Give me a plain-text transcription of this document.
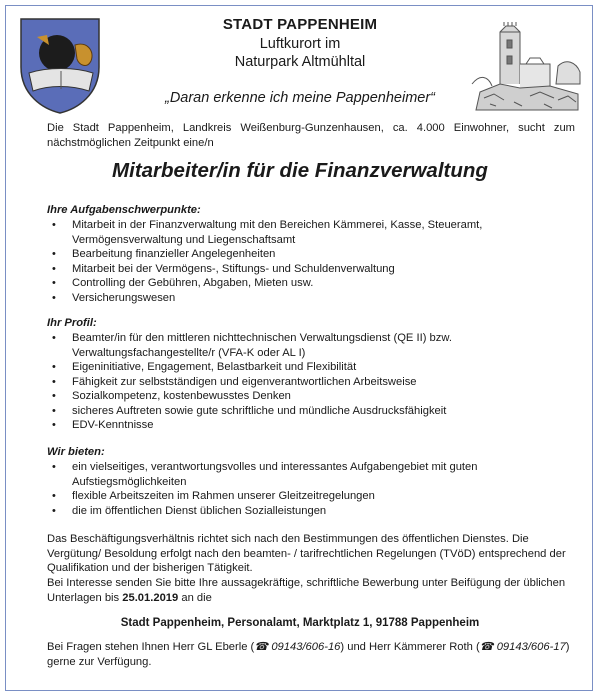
STADT PAPPENHEIM
Luftkurort im
Naturpark Altmühltal
„Daran erkenne ich meine Pappenheimer“
Die Stadt Pappenheim, Landkreis Weißenburg-Gunzenhausen, ca. 4.000 Einwohner, sucht zum nächstmöglichen Zeitpunkt eine/n
Mitarbeiter/in für die Finanzverwaltung
Ihre Aufgabenschwerpunkte:
• Mitarbeit in der Finanzverwaltung mit den Bereichen Kämmerei, Kasse, Steueramt, Vermögensverwaltung und Liegenschaftsamt
• Bearbeitung finanzieller Angelegenheiten
• Mitarbeit bei der Vermögens-, Stiftungs- und Schuldenverwaltung
• Controlling der Gebühren, Abgaben, Mieten usw.
• Versicherungswesen
Ihr Profil:
• Beamter/in für den mittleren nichttechnischen Verwaltungsdienst (QE II) bzw. Verwaltungsfachangestellte/r (VFA-K oder AL I)
• Eigeninitiative, Engagement, Belastbarkeit und Flexibilität
• Fähigkeit zur selbstständigen und eigenverantwortlichen Arbeitsweise
• Sozialkompetenz, kostenbewusstes Denken
• sicheres Auftreten sowie gute schriftliche und mündliche Ausdrucksfähigkeit
• EDV-Kenntnisse
Wir bieten:
• ein vielseitiges, verantwortungsvolles und interessantes Aufgabengebiet mit guten Aufstiegsmöglichkeiten
• flexible Arbeitszeiten im Rahmen unserer Gleitzeitregelungen
• die im öffentlichen Dienst üblichen Sozialleistungen
Das Beschäftigungsverhältnis richtet sich nach den Bestimmungen des öffentlichen Dienstes. Die Vergütung/ Besoldung erfolgt nach den beamten- / tarifrechtlichen Regelungen (TVöD) entsprechend der Qualifikation und der bisherigen Tätigkeit.
Bei Interesse senden Sie bitte Ihre aussagekräftige, schriftliche Bewerbung unter Beifügung der üblichen Unterlagen bis 25.01.2019 an die
Stadt Pappenheim, Personalamt, Marktplatz 1, 91788 Pappenheim
Bei Fragen stehen Ihnen Herr GL Eberle (☎ 09143/606-16) und Herr Kämmerer Roth (☎ 09143/606-17) gerne zur Verfügung.
